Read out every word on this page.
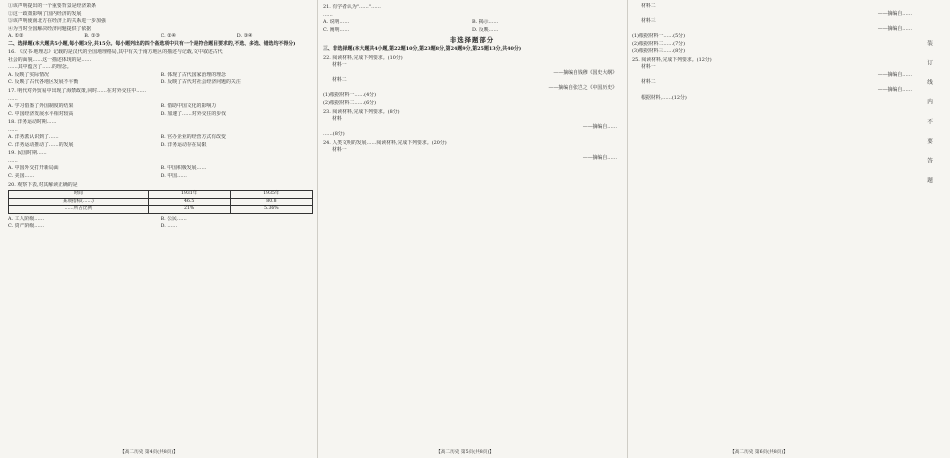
①该声明提出的一个重要背景是经济萧条
②这一政策影响了国内经济的发展
③该声明使南北方在经济上的关系进一步加强
④为当时全国解决经济问题提供了依据
A. ①②	B. ①③	C. ②④	D. ③④
二、选择题(本大题共5小题,每小题3分,共15分。每小题列出的四个备选项中只有一个是符合题目要求的,不选、多选、错选均不得分)
16. 《汉书·地理志》记载的是汉代的全国地理格局,其中有关于南方地区的描述与记载,文中叙述古代
社会的面貌……这一描述体现的是……
……其中蕴含了……的理念。
A. 反映了实际情况	B. 体现了古代国家治理的理念
C. 反映了古代各地区发展不平衡	D. 反映了古代对社会经济问题的关注
17. 明代对外贸易中出现了海禁政策,同时……在对外交往中……
……
A. 学习借鉴了外国制度的结果	B. 借助中国文化的影响力
C. 中国经济发展水平相对较高	D. 加速了……对外交往的步伐
18. 洋务运动时期……
……
A. 洋务派认识到了……	B. 官办企业的经营方式有改变
C. 洋务运动推动了……的发展	D. 洋务运动存在局限
19. 民国时期……
……
A. 中国外交打开新局面	B. 中国积极发展……
C. 美国……	D. 中国……
20. 观察下表,对其解读正确的是
时间	1931年	1935年
某项指标(……)	46.5	80.8
……所占比例	21%	5.36%
A. 工人阶级……	B. 公民……
C. 资产阶级……	D. ……
21. 有学者认为"……"……
……
A. 说明……	B. 揭示……
C. 阐明……	D. 反映……
非选择题部分
三、非选择题(本大题共4小题,第22题10分,第23题8分,第24题9分,第25题13分,共40分)
22. 阅读材料,完成下列要求。(10分)
材料一
——摘编自钱穆《国史大纲》
材料二
——摘编自张岂之《中国历史》
(1)根据材料一……(4分)
(2)根据材料二……(6分)
23. 阅读材料,完成下列要求。(8分)
材料
——摘编自……
……(8分)
24. 人类文明的发展……阅读材料,完成下列要求。(20分)
材料一
——摘编自……
材料二
——摘编自……
材料三
——摘编自……
(1)根据材料一……(5分)
(2)根据材料二……(7分)
(3)根据材料三……(8分)
25. 阅读材料,完成下列要求。(12分)
材料一
——摘编自……
材料二
——摘编自……
根据材料,……(12分)
【高二历史 第4页(共8页)】	【高二历史 第5页(共8页)】	【高二历史 第6页(共8页)】
装订线内不要答题
